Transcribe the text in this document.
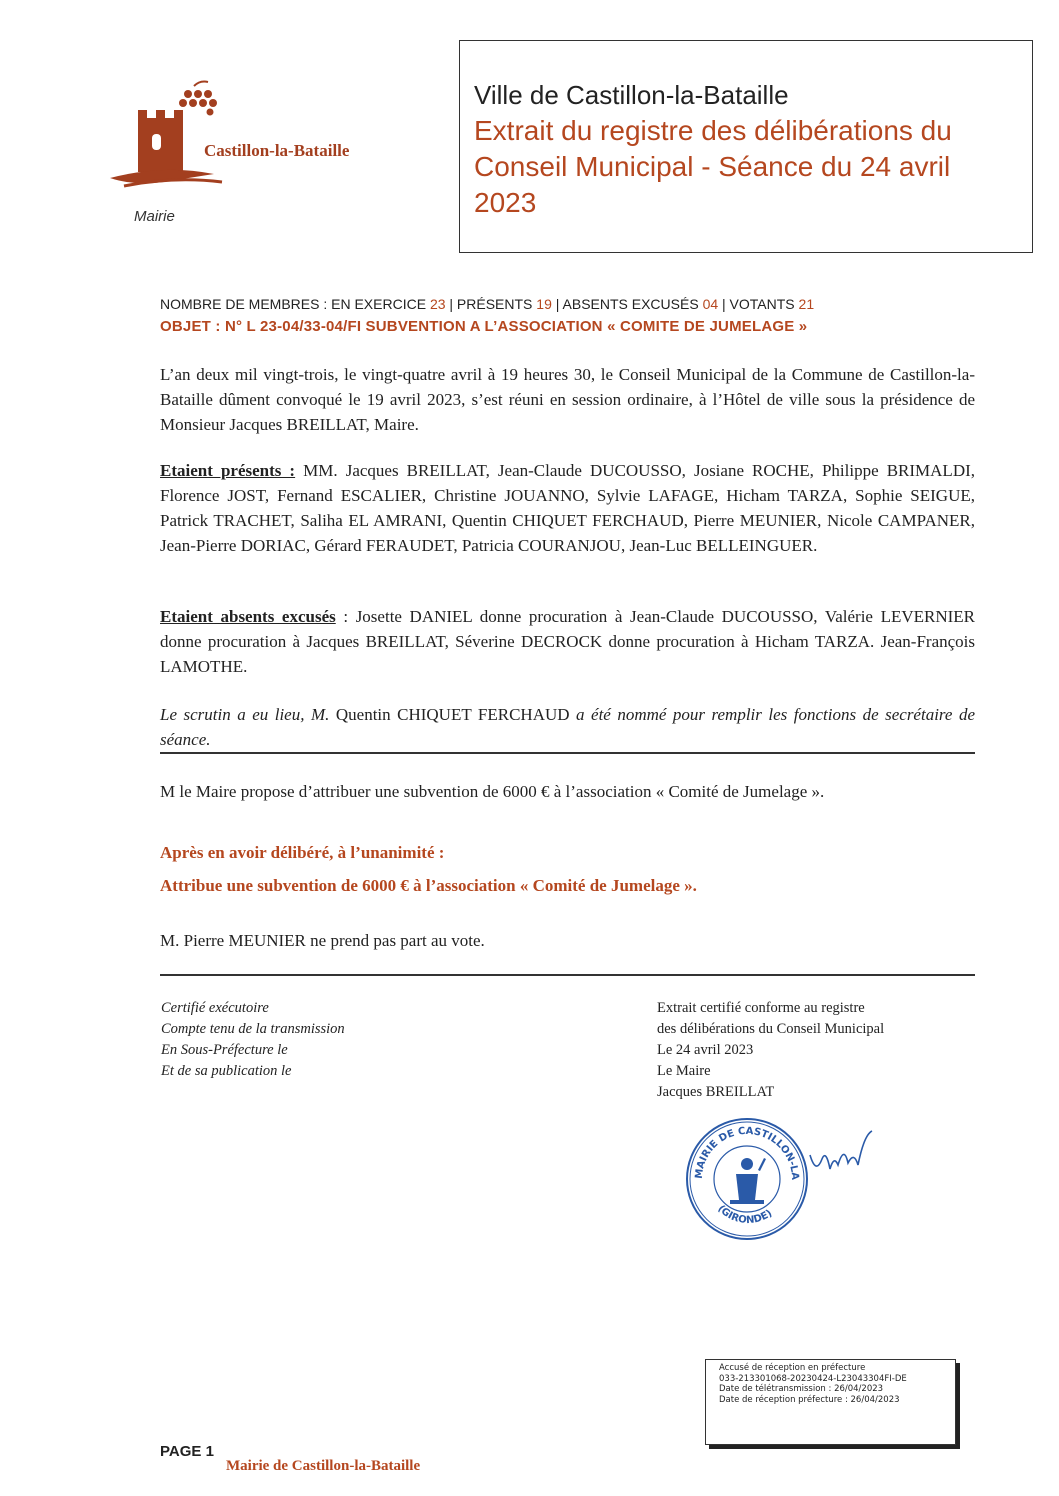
Castillon-la-Bataille
Mairie
Ville de Castillon-la-Bataille
Extrait du registre des délibérations du
Conseil Municipal - Séance du 24 avril
2023
NOMBRE DE MEMBRES : EN EXERCICE 23 | PRÉSENTS 19 | ABSENTS EXCUSÉS 04 | VOTANTS 21
OBJET : N° L 23-04/33-04/FI SUBVENTION A L’ASSOCIATION « COMITE DE JUMELAGE »
L’an deux mil vingt-trois, le vingt-quatre avril à 19 heures 30, le Conseil Municipal de la Commune de Castillon-la-Bataille dûment convoqué le 19 avril 2023, s’est réuni en session ordinaire, à l’Hôtel de ville sous la présidence de Monsieur Jacques BREILLAT, Maire.
Etaient présents : MM. Jacques BREILLAT, Jean-Claude DUCOUSSO, Josiane ROCHE, Philippe BRIMALDI, Florence JOST, Fernand ESCALIER, Christine JOUANNO, Sylvie LAFAGE, Hicham TARZA, Sophie SEIGUE, Patrick TRACHET, Saliha EL AMRANI, Quentin CHIQUET FERCHAUD, Pierre MEUNIER, Nicole CAMPANER, Jean-Pierre DORIAC, Gérard FERAUDET, Patricia COURANJOU, Jean-Luc BELLEINGUER.
Etaient absents excusés : Josette DANIEL donne procuration à Jean-Claude DUCOUSSO, Valérie LEVERNIER donne procuration à Jacques BREILLAT, Séverine DECROCK donne procuration à Hicham TARZA. Jean-François LAMOTHE.
Le scrutin a eu lieu, M. Quentin CHIQUET FERCHAUD a été nommé pour remplir les fonctions de secrétaire de séance.
M le Maire propose d’attribuer une subvention de 6000 € à l’association « Comité de Jumelage ».
Après en avoir délibéré, à l’unanimité :
Attribue une subvention de 6000 € à l’association « Comité de Jumelage ».
M. Pierre MEUNIER ne prend pas part au vote.
Certifié exécutoire
Compte tenu de la transmission
En Sous-Préfecture le
Et de sa publication le
Extrait certifié conforme au registre
des délibérations du Conseil Municipal
Le 24 avril 2023
Le Maire
Jacques BREILLAT
MAIRIE DE CASTILLON-LA
(GIRONDE)
Accusé de réception en préfecture
033-213301068-20230424-L23043304FI-DE
Date de télétransmission : 26/04/2023
Date de réception préfecture : 26/04/2023
PAGE 1
Mairie de Castillon-la-Bataille
